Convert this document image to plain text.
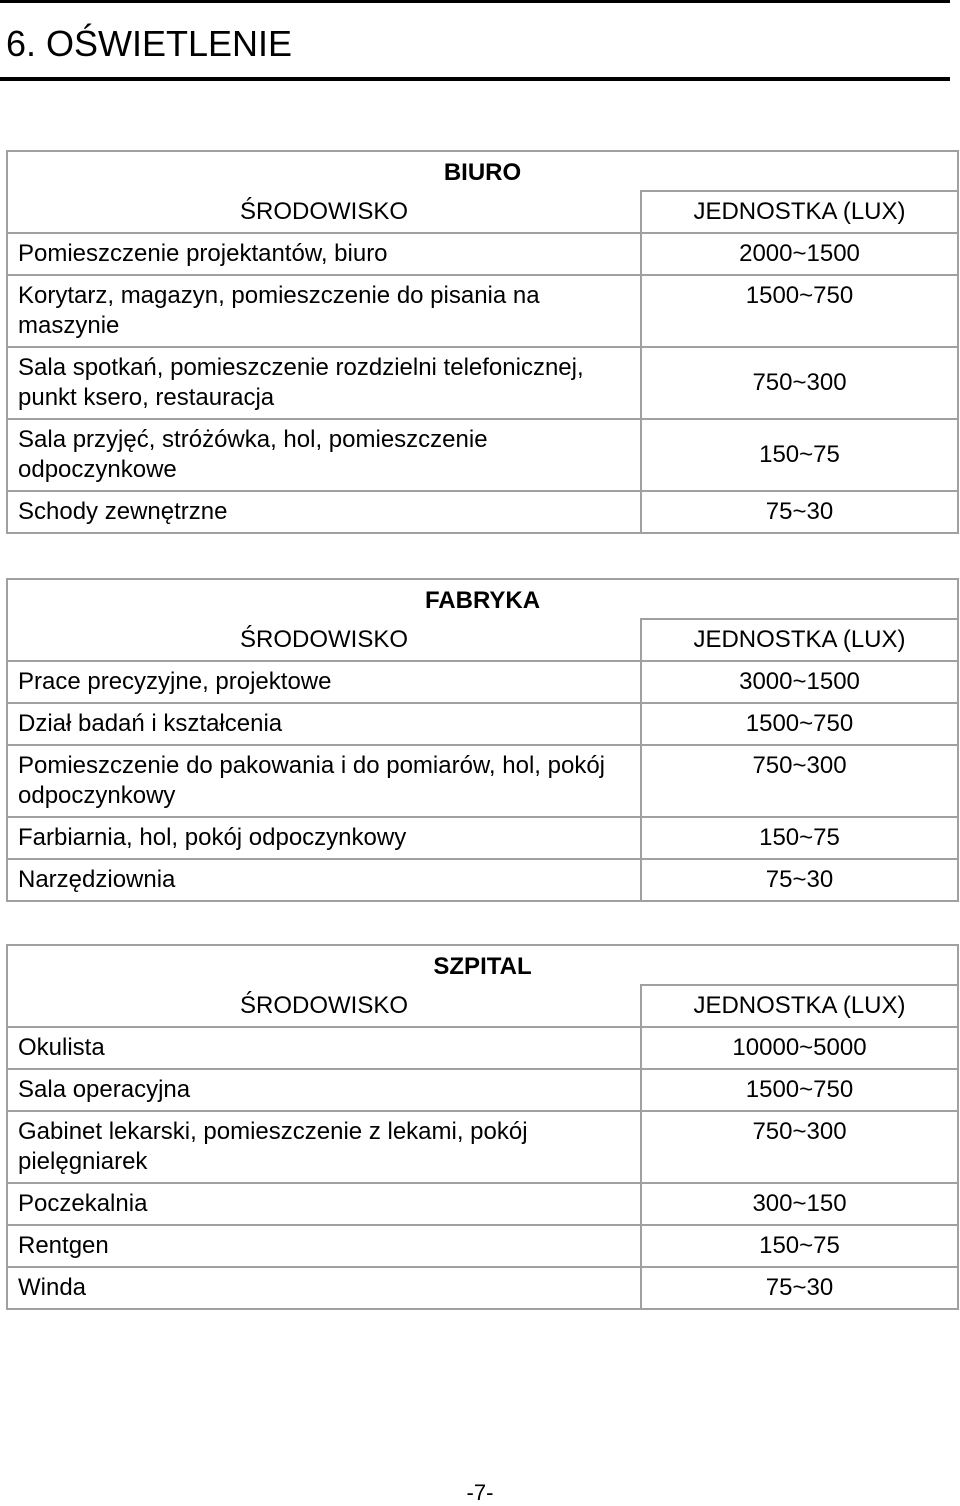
6. OŚWIETLENIE
BIURO	
ŚRODOWISKO	JEDNOSTKA (LUX)
Pomieszczenie projektantów, biuro	2000~1500
Korytarz, magazyn, pomieszczenie do pisania na maszynie	1500~750
Sala spotkań, pomieszczenie rozdzielni telefonicznej, punkt ksero, restauracja	750~300
Sala przyjęć, stróżówka, hol, pomieszczenie odpoczynkowe	150~75
Schody zewnętrzne	75~30
FABRYKA	
ŚRODOWISKO	JEDNOSTKA (LUX)
Prace precyzyjne, projektowe	3000~1500
Dział badań i kształcenia	1500~750
Pomieszczenie do pakowania i do pomiarów, hol, pokój odpoczynkowy	750~300
Farbiarnia, hol, pokój odpoczynkowy	150~75
Narzędziownia	75~30
SZPITAL	
ŚRODOWISKO	JEDNOSTKA (LUX)
Okulista	10000~5000
Sala operacyjna	1500~750
Gabinet lekarski, pomieszczenie z lekami, pokój pielęgniarek	750~300
Poczekalnia	300~150
Rentgen	150~75
Winda	75~30
-7-
